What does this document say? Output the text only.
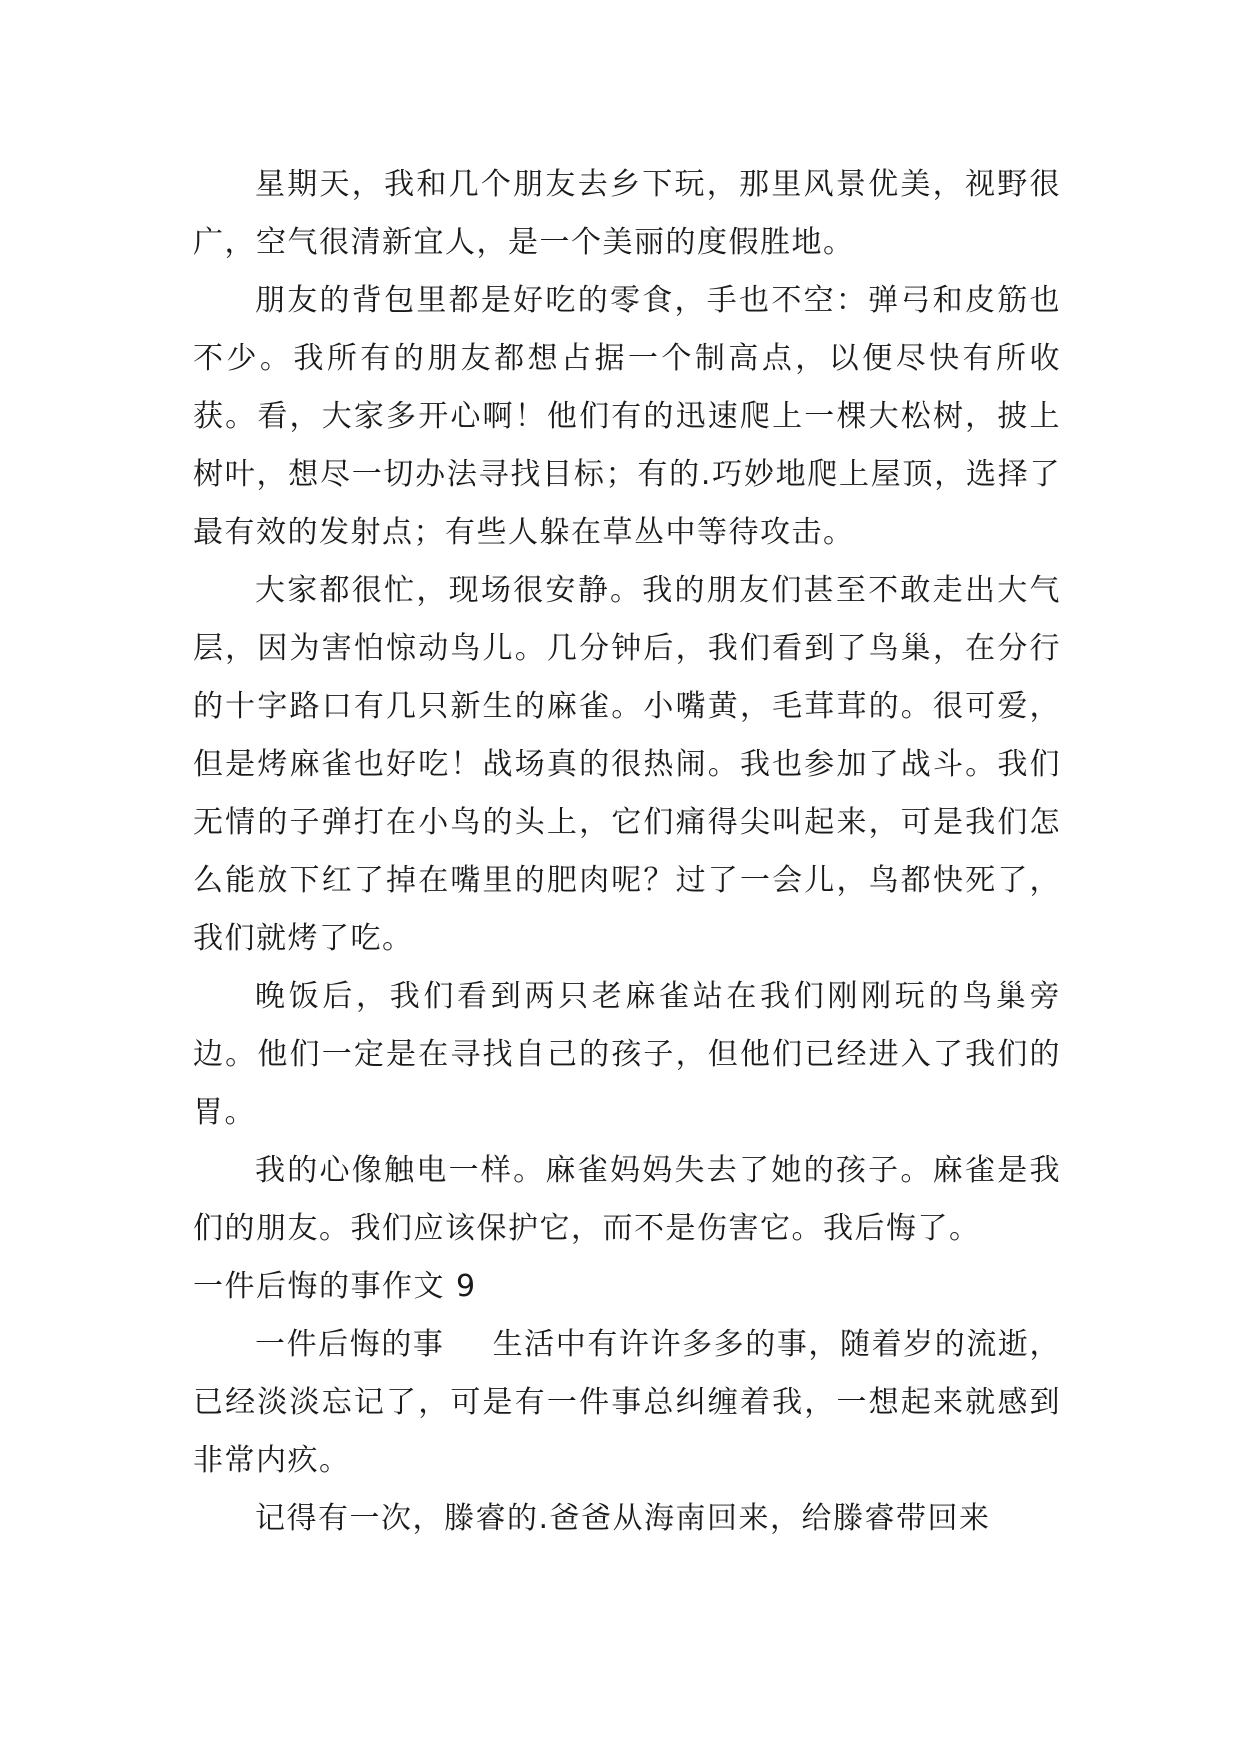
星期天，我和几个朋友去乡下玩，那里风景优美，视野很广，空气很清新宜人，是一个美丽的度假胜地。

朋友的背包里都是好吃的零食，手也不空：弹弓和皮筋也不少。我所有的朋友都想占据一个制高点，以便尽快有所收获。看，大家多开心啊！他们有的迅速爬上一棵大松树，披上树叶，想尽一切办法寻找目标；有的.巧妙地爬上屋顶，选择了最有效的发射点；有些人躲在草丛中等待攻击。

大家都很忙，现场很安静。我的朋友们甚至不敢走出大气层，因为害怕惊动鸟儿。几分钟后，我们看到了鸟巢，在分行的十字路口有几只新生的麻雀。小嘴黄，毛茸茸的。很可爱，但是烤麻雀也好吃！战场真的很热闹。我也参加了战斗。我们无情的子弹打在小鸟的头上，它们痛得尖叫起来，可是我们怎么能放下红了掉在嘴里的肥肉呢？过了一会儿，鸟都快死了，我们就烤了吃。

晚饭后，我们看到两只老麻雀站在我们刚刚玩的鸟巢旁边。他们一定是在寻找自己的孩子，但他们已经进入了我们的胃。

我的心像触电一样。麻雀妈妈失去了她的孩子。麻雀是我们的朋友。我们应该保护它，而不是伤害它。我后悔了。

一件后悔的事作文 9

一件后悔的事 生活中有许许多多的事，随着岁的流逝，已经淡淡忘记了，可是有一件事总纠缠着我，一想起来就感到非常内疚。

记得有一次，滕睿的.爸爸从海南回来，给滕睿带回来
